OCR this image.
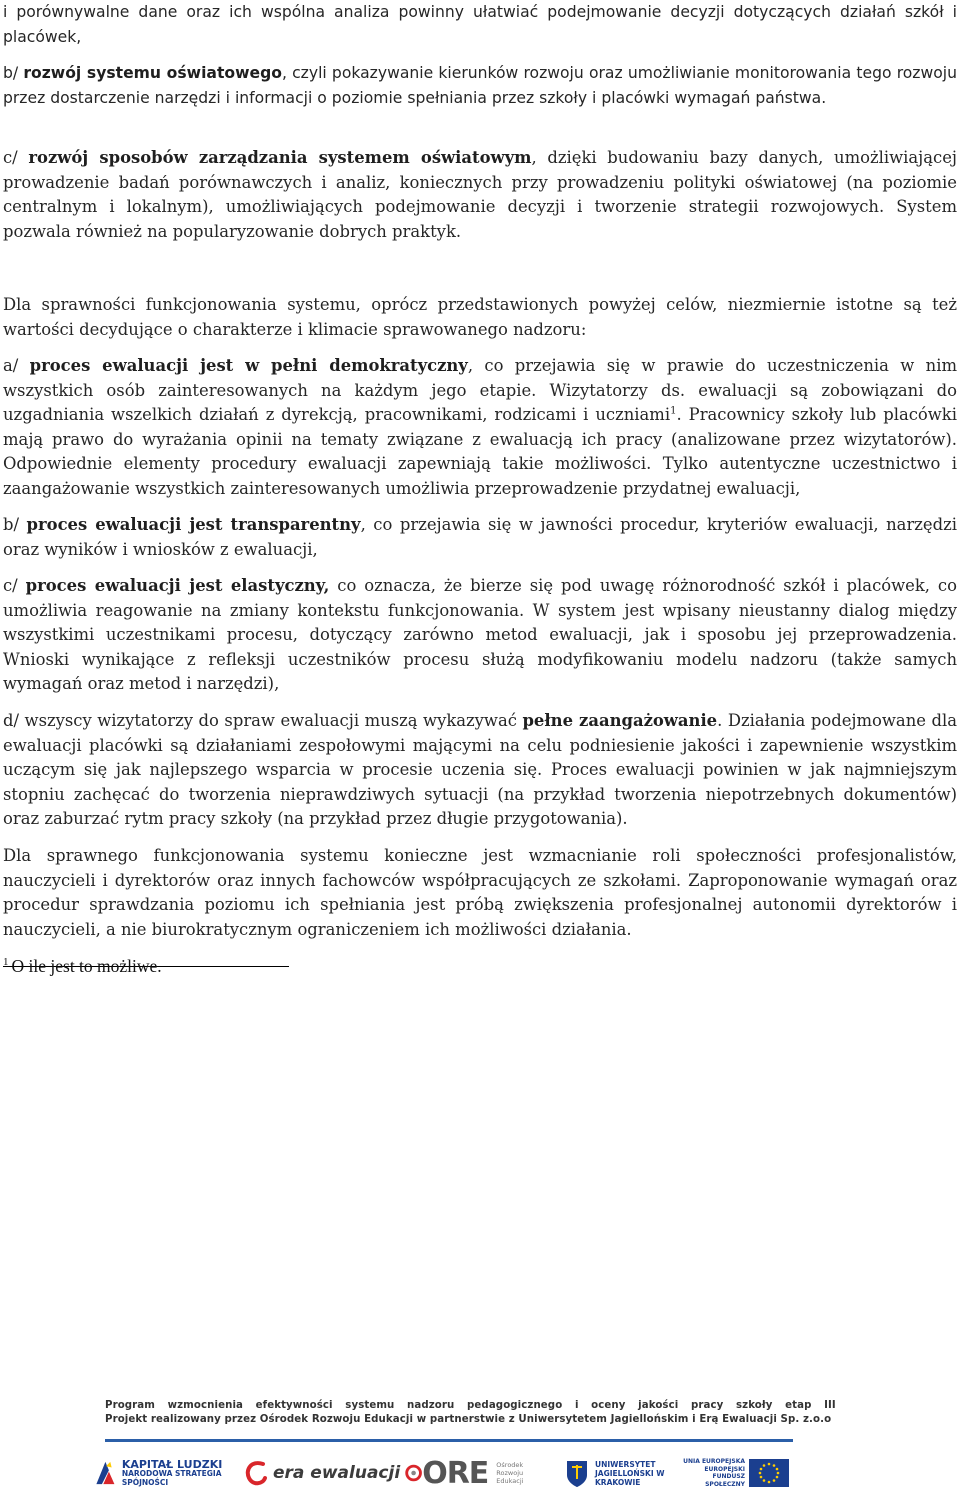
i porównywalne dane oraz ich wspólna analiza powinny ułatwiać podejmowanie decyzji dotyczących działań szkół i placówek,

b/ rozwój systemu oświatowego, czyli pokazywanie kierunków rozwoju oraz umożliwianie monitorowania tego rozwoju przez dostarczenie narzędzi i informacji o poziomie spełniania przez szkoły i placówki wymagań państwa.

c/ rozwój sposobów zarządzania systemem oświatowym, dzięki budowaniu bazy danych, umożliwiającej prowadzenie badań porównawczych i analiz, koniecznych przy prowadzeniu polityki oświatowej (na poziomie centralnym i lokalnym), umożliwiających podejmowanie decyzji i tworzenie strategii rozwojowych. System pozwala również na popularyzowanie dobrych praktyk.

Dla sprawności funkcjonowania systemu, oprócz przedstawionych powyżej celów, niezmiernie istotne są też wartości decydujące o charakterze i klimacie sprawowanego nadzoru:

a/ proces ewaluacji jest w pełni demokratyczny, co przejawia się w prawie do uczestniczenia w nim wszystkich osób zainteresowanych na każdym jego etapie. Wizytatorzy ds. ewaluacji są zobowiązani do uzgadniania wszelkich działań z dyrekcją, pracownikami, rodzicami i uczniami$^1$. Pracownicy szkoły lub placówki mają prawo do wyrażania opinii na tematy związane z ewaluacją ich pracy (analizowane przez wizytatorów). Odpowiednie elementy procedury ewaluacji zapewniają takie możliwości. Tylko autentyczne uczestnictwo i zaangażowanie wszystkich zainteresowanych umożliwia przeprowadzenie przydatnej ewaluacji,

b/ proces ewaluacji jest transparentny, co przejawia się w jawności procedur, kryteriów ewaluacji, narzędzi oraz wyników i wniosków z ewaluacji,

c/ proces ewaluacji jest elastyczny, co oznacza, że bierze się pod uwagę różnorodność szkół i placówek, co umożliwia reagowanie na zmiany kontekstu funkcjonowania. W system jest wpisany nieustanny dialog między wszystkimi uczestnikami procesu, dotyczący zarówno metod ewaluacji, jak i sposobu jej przeprowadzenia. Wnioski wynikające z refleksji uczestników procesu służą modyfikowaniu modelu nadzoru (także samych wymagań oraz metod i narzędzi),

d/ wszyscy wizytatorzy do spraw ewaluacji muszą wykazywać pełne zaangażowanie. Działania podejmowane dla ewaluacji placówki są działaniami zespołowymi mającymi na celu podniesienie jakości i zapewnienie wszystkim uczącym się jak najlepszego wsparcia w procesie uczenia się. Proces ewaluacji powinien w jak najmniejszym stopniu zachęcać do tworzenia nieprawdziwych sytuacji (na przykład tworzenia niepotrzebnych dokumentów) oraz zaburzać rytm pracy szkoły (na przykład przez długie przygotowania).

Dla sprawnego funkcjonowania systemu konieczne jest wzmacnianie roli społeczności profesjonalistów, nauczycieli i dyrektorów oraz innych fachowców współpracujących ze szkołami. Zaproponowanie wymagań oraz procedur sprawdzania poziomu ich spełniania jest próbą zwiększenia profesjonalnej autonomii dyrektorów i nauczycieli, a nie biurokratycznym ograniczeniem ich możliwości działania.

$^1$ O ile jest to możliwe.
Program wzmocnienia efektywności systemu nadzoru pedagogicznego i oceny jakości pracy szkoły etap III
Projekt realizowany przez Ośrodek Rozwoju Edukacji w partnerstwie z Uniwersytetem Jagiellońskim i Erą Ewaluacji Sp. z.o.o
KAPITAŁ LUDZKI
NARODOWA STRATEGIA SPÓJNOŚCI	era ewaluacji ORE Ośrodek Rozwoju Edukacji
UNIWERSYTET JAGIELLOŃSKI W KRAKOWIE
UNIA EUROPEJSKA EUROPEJSKI FUNDUSZ SPOŁECZNY
